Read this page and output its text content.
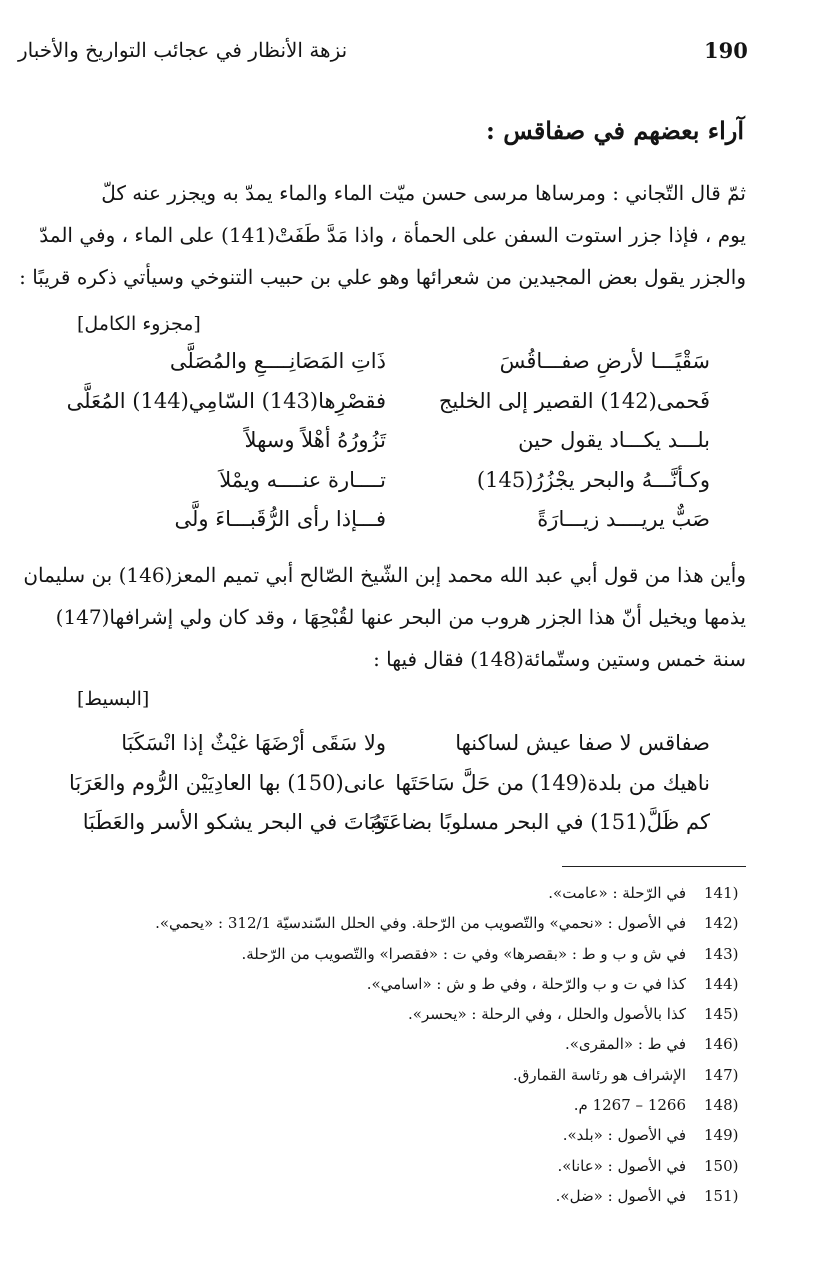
190
نزهة الأنظار في عجائب التواريخ والأخبار
آراء بعضهم في صفاقس :
ثمّ قال التّجاني : ومرساها مرسى حسن ميّت الماء والماء يمدّ به ويجزر عنه كلّ
يوم ، فإذا جزر استوت السفن على الحمأة ، واذا مَدَّ طَفَتْ(141) على الماء ، وفي المدّ
والجزر يقول بعض المجيدين من شعرائها وهو علي بن حبيب التنوخي وسيأتي ذكره قريبًا :
[مجزوء الكامل]
سَقْيًـــا لأرضِ صفـــاقُسَ
ذَاتِ المَصَانِــــعِ والمُصَلَّى
فَحمى(142) القصير إلى الخليج
فقصْرِها(143) السّامِي(144) المُعَلَّى
بلـــد يكـــاد يقول حين
تَزُورُهُ أهْلاً وسهلاً
وكـأنَّـــهُ والبحر يجْزُرُ(145)
تــــارة عنــــه ويمْلاَ
صَبٌّ يريــــد زيـــارَةً
فـــإذا رأى الرُّقَبـــاءَ ولَّى
وأين هذا من قول أبي عبد الله محمد إبن الشّيخ الصّالح أبي تميم المعز(146) بن سليمان
يذمها ويخيل أنّ هذا الجزر هروب من البحر عنها لقُبْحِهَا ، وقد كان ولي إشرافها(147)
سنة خمس وستين وستّمائة(148) فقال فيها :
[البسيط]
صفاقس لا صفا عيش لساكنها
ولا سَقَى أرْضَهَا غيْثٌ إذا انْسَكَبَا
ناهيك من بلدة(149) من حَلَّ سَاحَتَها
عانى(150) بها العادِيَيْن الرُّوم والعَرَبَا
كم ظَلَّ(151) في البحر مسلوبًا بضاعَتَهُ
وبَاتَ في البحر يشكو الأسر والعَطَبَا
141)
في الرّحلة : «عامت».
142)
في الأصول : «نحمي» والتّصويب من الرّحلة. وفي الحلل السّندسيّة 312/1 : «يحمي».
143)
في ش و ب و ط : «بقصرها» وفي ت : «فقصرا» والتّصويب من الرّحلة.
144)
كذا في ت و ب والرّحلة ، وفي ط و ش : «اسامي».
145)
كذا بالأصول والحلل ، وفي الرحلة : «يحسر».
146)
في ط : «المقرى».
147)
الإشراف هو رئاسة القمارق.
148)
1266 – 1267 م.
149)
في الأصول : «بلد».
150)
في الأصول : «عانا».
151)
في الأصول : «ضل».
